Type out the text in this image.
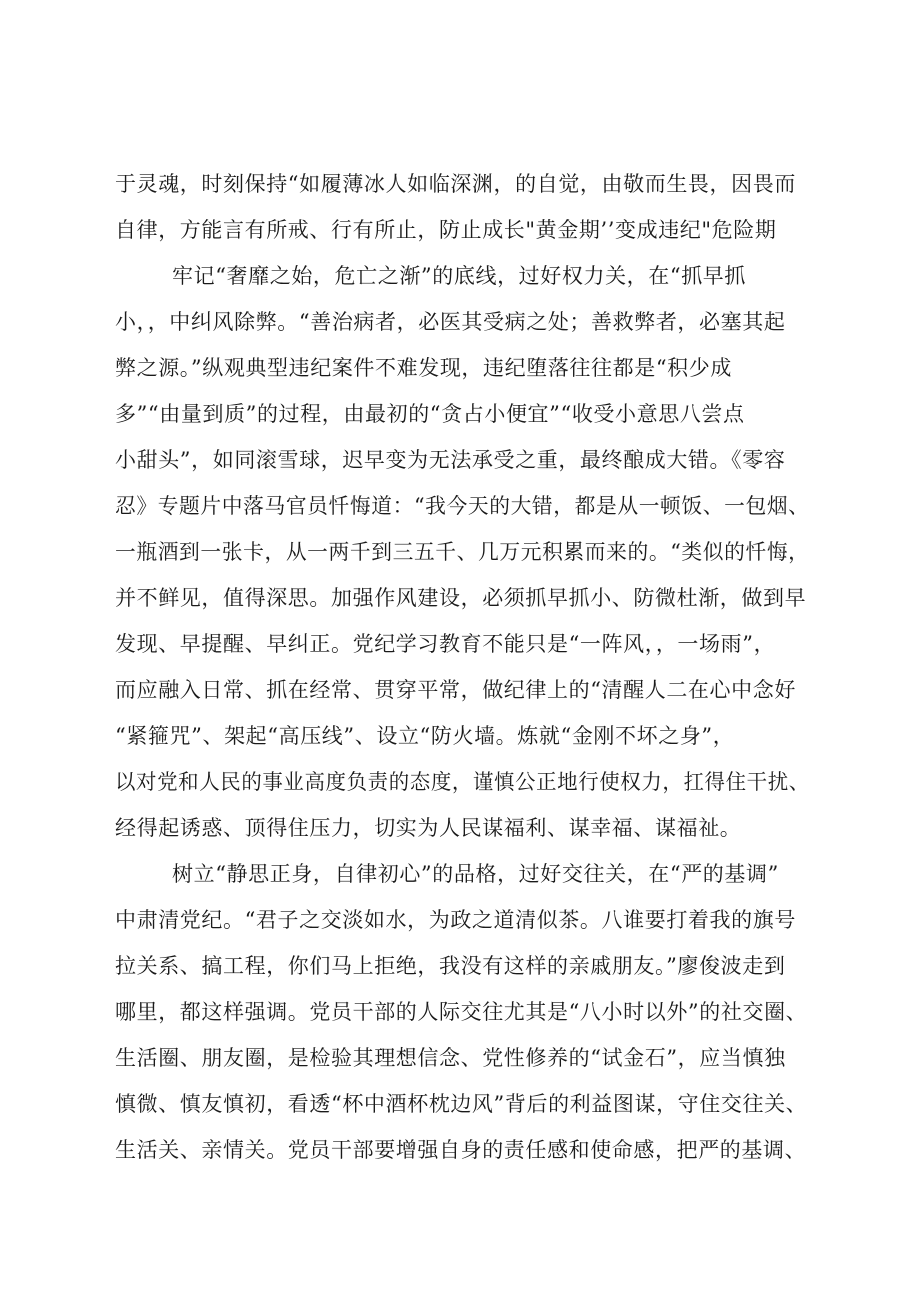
于灵魂，时刻保持“如履薄冰人如临深渊，的自觉，由敬而生畏，因畏而
自律，方能言有所戒、行有所止，防止成长"黄金期’’变成违纪"危险期
牢记“奢靡之始，危亡之渐”的底线，过好权力关，在“抓早抓
小，，中纠风除弊。“善治病者，必医其受病之处；善救弊者，必塞其起
弊之源。”纵观典型违纪案件不难发现，违纪堕落往往都是“积少成
多”“由量到质”的过程，由最初的“贪占小便宜”“收受小意思八尝点
小甜头”，如同滚雪球，迟早变为无法承受之重，最终酿成大错。《零容
忍》专题片中落马官员忏悔道：“我今天的大错，都是从一顿饭、一包烟、
一瓶酒到一张卡，从一两千到三五千、几万元积累而来的。“类似的忏悔，
并不鲜见，值得深思。加强作风建设，必须抓早抓小、防微杜渐，做到早
发现、早提醒、早纠正。党纪学习教育不能只是“一阵风，，一场雨”，
而应融入日常、抓在经常、贯穿平常，做纪律上的“清醒人二在心中念好
“紧箍咒”、架起“高压线”、设立“防火墙。炼就“金刚不坏之身”，
以对党和人民的事业高度负责的态度，谨慎公正地行使权力，扛得住干扰、
经得起诱惑、顶得住压力，切实为人民谋福利、谋幸福、谋福祉。
树立“静思正身，自律初心”的品格，过好交往关，在“严的基调”
中肃清党纪。“君子之交淡如水，为政之道清似茶。八谁要打着我的旗号
拉关系、搞工程，你们马上拒绝，我没有这样的亲戚朋友。”廖俊波走到
哪里，都这样强调。党员干部的人际交往尤其是“八小时以外”的社交圈、
生活圈、朋友圈，是检验其理想信念、党性修养的“试金石”，应当慎独
慎微、慎友慎初，看透“杯中酒杯枕边风”背后的利益图谋，守住交往关、
生活关、亲情关。党员干部要增强自身的责任感和使命感，把严的基调、
